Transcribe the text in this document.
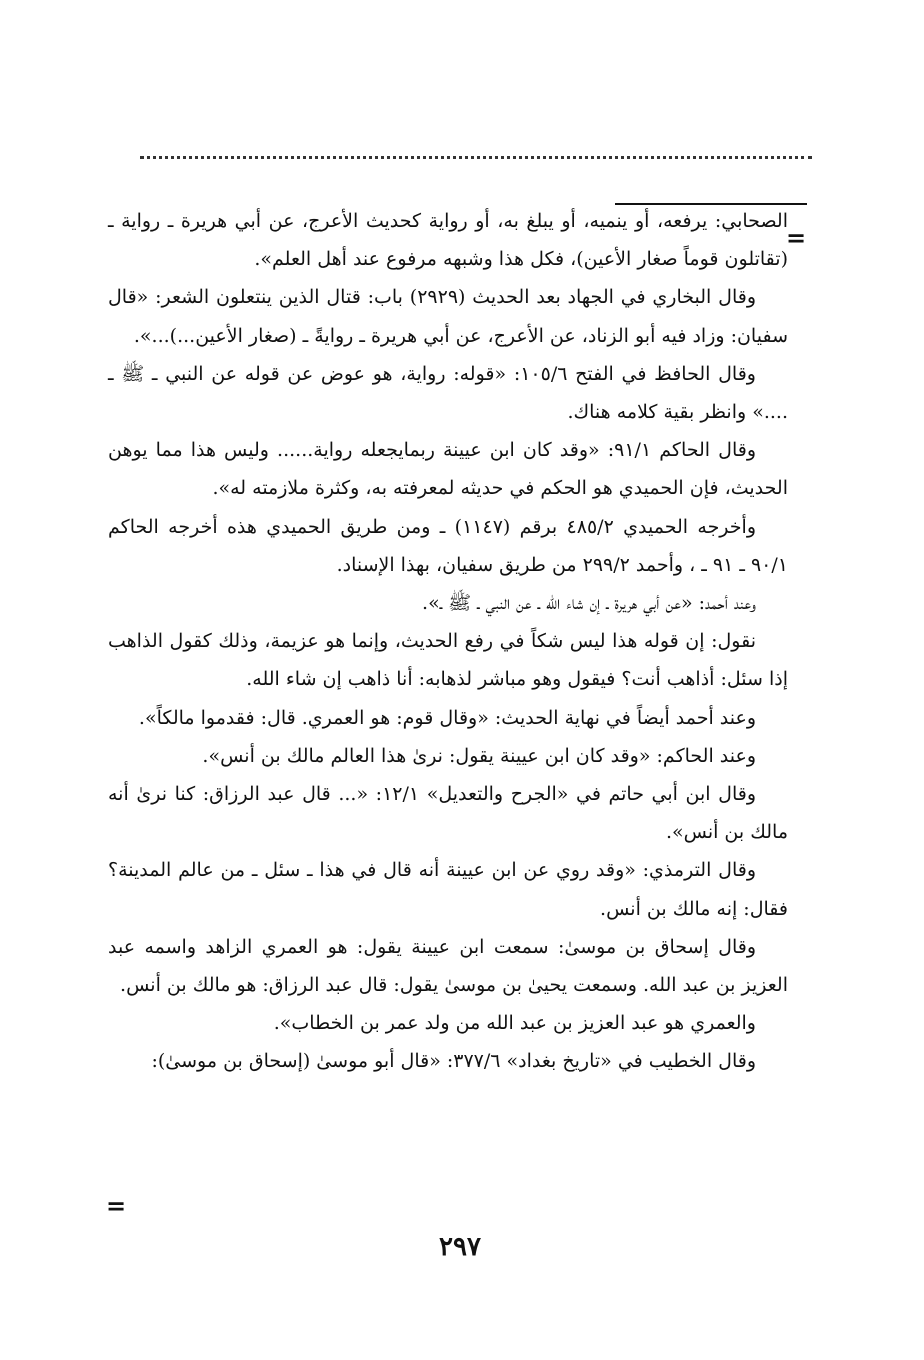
=
=

الصحابي: يرفعه، أو ينميه، أو يبلغ به، أو رواية كحديث الأعرج، عن أبي هريرة ـ رواية ـ (تقاتلون قوماً صغار الأعين)، فكل هذا وشبهه مرفوع عند أهل العلم».

وقال البخاري في الجهاد بعد الحديث (٢٩٢٩) باب: قتال الذين ينتعلون الشعر: «قال سفيان: وزاد فيه أبو الزناد، عن الأعرج، عن أبي هريرة ـ روايةً ـ (صغار الأعين...)...».

وقال الحافظ في الفتح ١٠٥/٦: «قوله: رواية، هو عوض عن قوله عن النبي ـ ﷺ ـ ....» وانظر بقية كلامه هناك.

وقال الحاكم ٩١/١: «وقد كان ابن عيينة ربمايجعله رواية...... وليس هذا مما يوهن الحديث، فإن الحميدي هو الحكم في حديثه لمعرفته به، وكثرة ملازمته له».

وأخرجه الحميدي ٤٨٥/٢ برقم (١١٤٧) ـ ومن طريق الحميدي هذه أخرجه الحاكم ٩٠/١ ـ ٩١ ـ ، وأحمد ٢٩٩/٢ من طريق سفيان، بهذا الإسناد.

وعند أحمد: «عن أبي هريرة ـ إن شاء الله ـ عن النبي ـ ﷺ ـ».

نقول: إن قوله هذا ليس شكاً في رفع الحديث، وإنما هو عزيمة، وذلك كقول الذاهب إذا سئل: أذاهب أنت؟ فيقول وهو مباشر لذهابه: أنا ذاهب إن شاء الله.

وعند أحمد أيضاً في نهاية الحديث: «وقال قوم: هو العمري. قال: فقدموا مالكاً».

وعند الحاكم: «وقد كان ابن عيينة يقول: نرىٰ هذا العالم مالك بن أنس».

وقال ابن أبي حاتم في «الجرح والتعديل» ١٢/١: «... قال عبد الرزاق: كنا نرىٰ أنه مالك بن أنس».

وقال الترمذي: «وقد روي عن ابن عيينة أنه قال في هذا ـ سئل ـ من عالم المدينة؟ فقال: إنه مالك بن أنس.

وقال إسحاق بن موسىٰ: سمعت ابن عيينة يقول: هو العمري الزاهد واسمه عبد العزيز بن عبد الله. وسمعت يحيىٰ بن موسىٰ يقول: قال عبد الرزاق: هو مالك بن أنس.

والعمري هو عبد العزيز بن عبد الله من ولد عمر بن الخطاب».

وقال الخطيب في «تاريخ بغداد» ٣٧٧/٦: «قال أبو موسىٰ (إسحاق بن موسىٰ):

٢٩٧
